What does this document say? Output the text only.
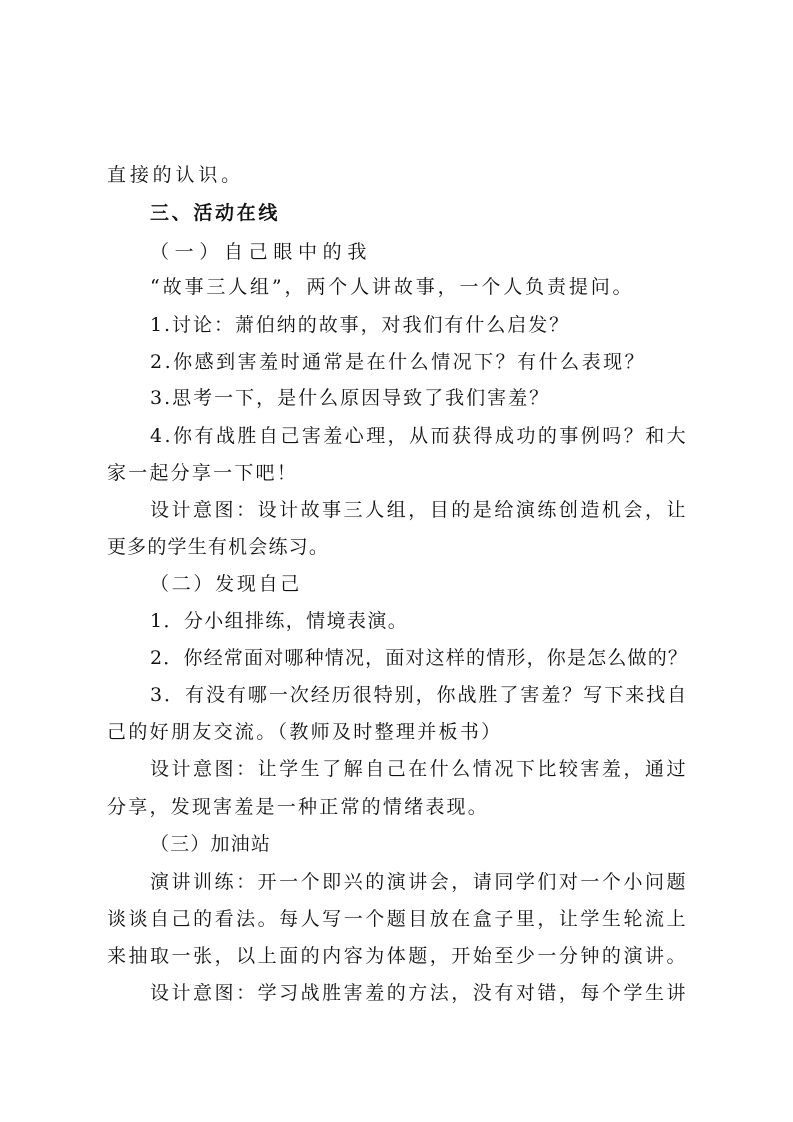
直接的认识。
三、活动在线
（一）自己眼中的我
“故事三人组”，两个人讲故事，一个人负责提问。
1.讨论：萧伯纳的故事，对我们有什么启发？
2.你感到害羞时通常是在什么情况下？有什么表现？
3.思考一下，是什么原因导致了我们害羞？
4.你有战胜自己害羞心理，从而获得成功的事例吗？和大
家一起分享一下吧！
设计意图：设计故事三人组，目的是给演练创造机会，让
更多的学生有机会练习。
（二）发现自己
1．分小组排练，情境表演。
2．你经常面对哪种情况，面对这样的情形，你是怎么做的？
3．有没有哪一次经历很特别，你战胜了害羞？写下来找自
己的好朋友交流。（教师及时整理并板书）
设计意图：让学生了解自己在什么情况下比较害羞，通过
分享，发现害羞是一种正常的情绪表现。
（三）加油站
演讲训练：开一个即兴的演讲会，请同学们对一个小问题
谈谈自己的看法。每人写一个题目放在盒子里，让学生轮流上
来抽取一张，以上面的内容为体题，开始至少一分钟的演讲。
设计意图：学习战胜害羞的方法，没有对错，每个学生讲
